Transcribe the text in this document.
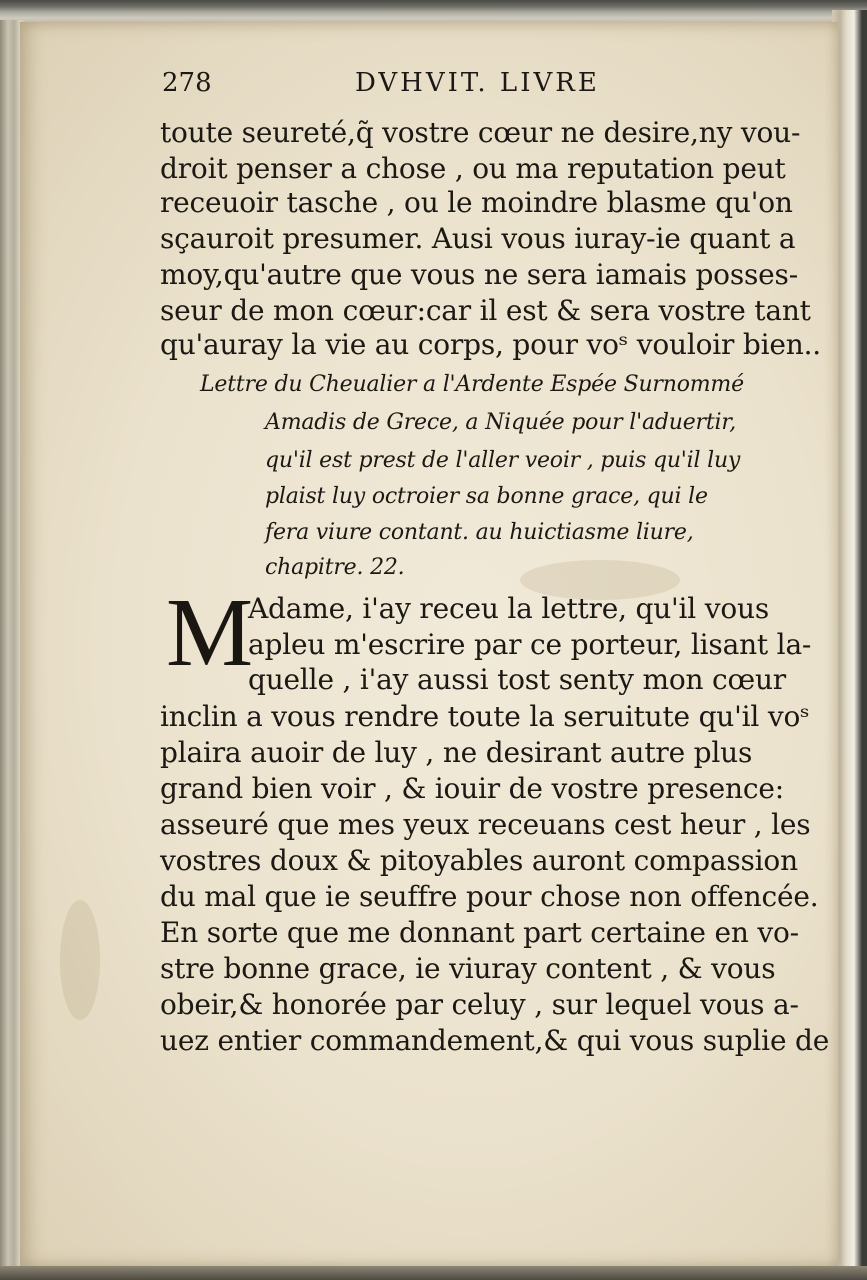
278	DVHVIT. LIVRE
toute seureté,q̃ vostre cœur ne desire,ny vou-
droit penser a chose , ou ma reputation peut
receuoir tasche , ou le moindre blasme qu'on
sçauroit presumer. Ausi vous iuray-ie quant a
moy,qu'autre que vous ne sera iamais posses-
seur de mon cœur:car il est & sera vostre tant
qu'auray la vie au corps, pour voˢ vouloir bien..
Lettre du Cheualier a l'Ardente Espée Surnommé
Amadis de Grece, a Niquée pour l'aduertir,
qu'il est prest de l'aller veoir , puis qu'il luy
plaist luy octroier sa bonne grace, qui le
fera viure contant. au huictiasme liure,
chapitre. 22.
M
Adame, i'ay receu la lettre, qu'il vous
apleu m'escrire par ce porteur, lisant la-
quelle , i'ay aussi tost senty mon cœur
inclin a vous rendre toute la seruitute qu'il voˢ
plaira auoir de luy , ne desirant autre plus
grand bien voir , & iouir de vostre presence:
asseuré que mes yeux receuans cest heur , les
vostres doux & pitoyables auront compassion
du mal que ie seuffre pour chose non offencée.
En sorte que me donnant part certaine en vo-
stre bonne grace, ie viuray content , & vous
obeir,& honorée par celuy , sur lequel vous a-
uez entier commandement,& qui vous suplie de
